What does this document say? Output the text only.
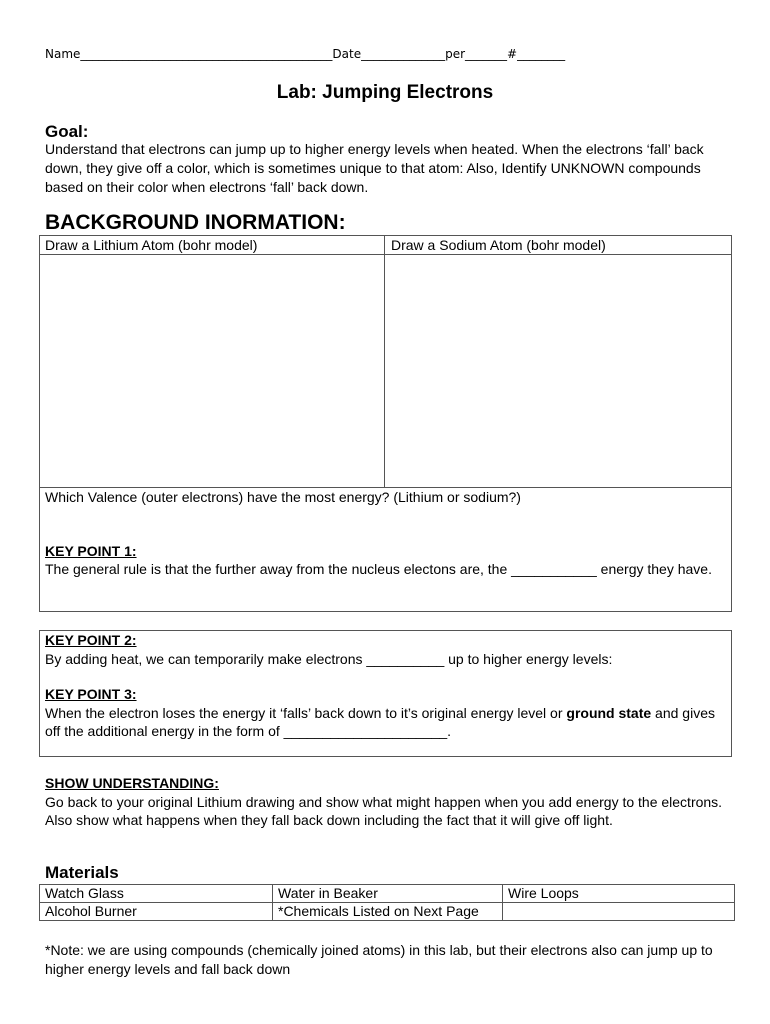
Name__________________________________________Date______________per_______#________
Lab: Jumping Electrons
Goal:
Understand that electrons can jump up to higher energy levels when heated. When the electrons ‘fall’ back down, they give off a color, which is sometimes unique to that atom: Also, Identify UNKNOWN compounds based on their color when electrons ‘fall’ back down.
BACKGROUND INORMATION:
Draw a Lithium Atom (bohr model)	Draw a Sodium Atom (bohr model)
Which Valence (outer electrons) have the most energy? (Lithium or sodium?)
KEY POINT 1:
The general rule is that the further away from the nucleus electons are, the ___________ energy they have.
KEY POINT 2:
By adding heat, we can temporarily make electrons __________ up to higher energy levels:
KEY POINT 3:
When the electron loses the energy it ‘falls’ back down to it’s original energy level or ground state and gives off the additional energy in the form of _____________________.
SHOW UNDERSTANDING:
Go back to your original Lithium drawing and show what might happen when you add energy to the electrons. Also show what happens when they fall back down including the fact that it will give off light.
Materials
Watch Glass	Water in Beaker	Wire Loops
Alcohol Burner	*Chemicals Listed on Next Page	
*Note: we are using compounds (chemically joined atoms) in this lab, but their electrons also can jump up to higher energy levels and fall back down
